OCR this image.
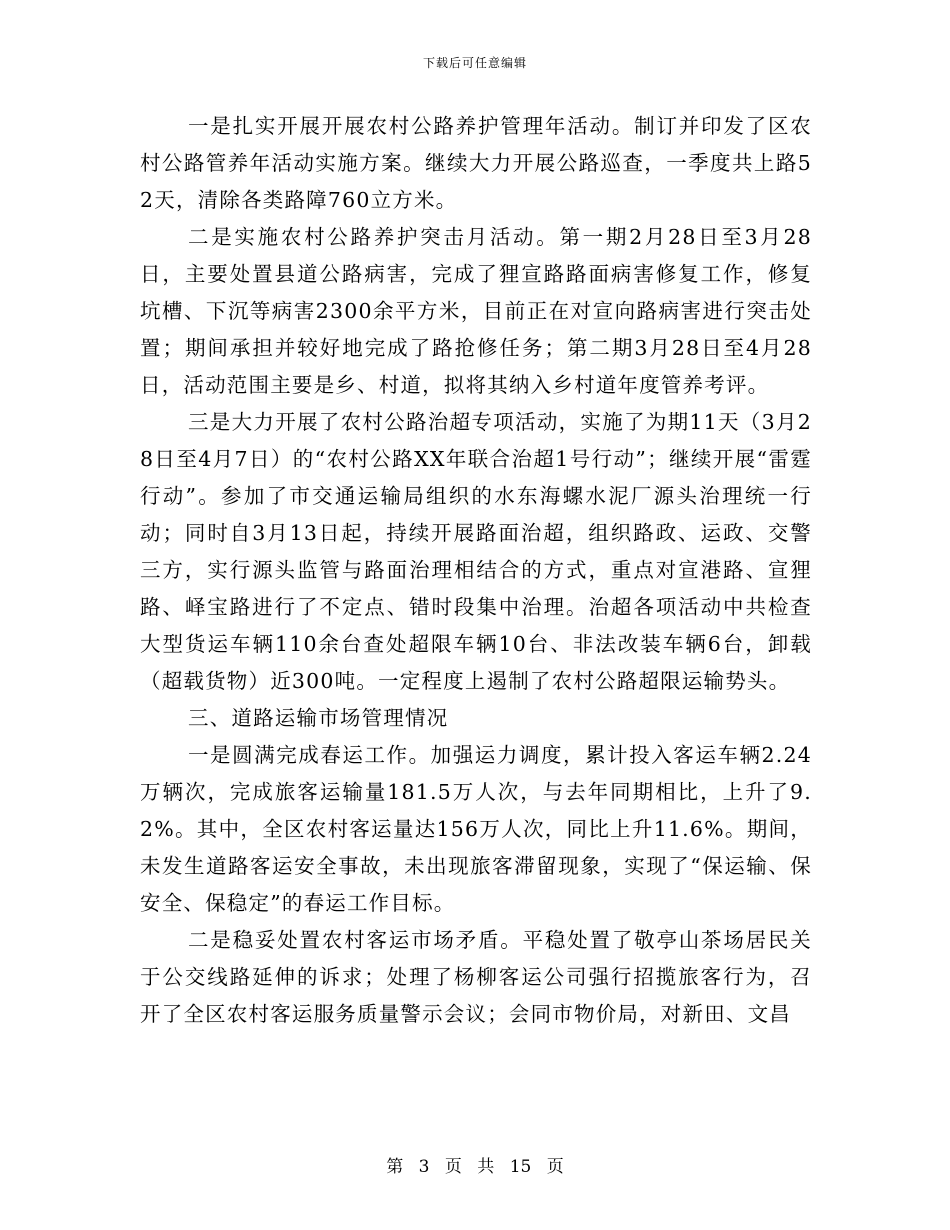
下载后可任意编辑

一是扎实开展开展农村公路养护管理年活动。制订并印发了区农村公路管养年活动实施方案。继续大力开展公路巡查，一季度共上路52天，清除各类路障760立方米。

二是实施农村公路养护突击月活动。第一期2月28日至3月28日，主要处置县道公路病害，完成了狸宣路路面病害修复工作，修复坑槽、下沉等病害2300余平方米，目前正在对宣向路病害进行突击处置；期间承担并较好地完成了路抢修任务；第二期3月28日至4月28日，活动范围主要是乡、村道，拟将其纳入乡村道年度管养考评。

三是大力开展了农村公路治超专项活动，实施了为期11天（3月28日至4月7日）的“农村公路XX年联合治超1号行动”；继续开展“雷霆行动”。参加了市交通运输局组织的水东海螺水泥厂源头治理统一行动；同时自3月13日起，持续开展路面治超，组织路政、运政、交警三方，实行源头监管与路面治理相结合的方式，重点对宣港路、宣狸路、峄宝路进行了不定点、错时段集中治理。治超各项活动中共检查大型货运车辆110余台查处超限车辆10台、非法改装车辆6台，卸载（超载货物）近300吨。一定程度上遏制了农村公路超限运输势头。

三、道路运输市场管理情况

一是圆满完成春运工作。加强运力调度，累计投入客运车辆2.24万辆次，完成旅客运输量181.5万人次，与去年同期相比，上升了9.2%。其中，全区农村客运量达156万人次，同比上升11.6%。期间，未发生道路客运安全事故，未出现旅客滞留现象，实现了“保运输、保安全、保稳定”的春运工作目标。

二是稳妥处置农村客运市场矛盾。平稳处置了敬亭山茶场居民关于公交线路延伸的诉求；处理了杨柳客运公司强行招揽旅客行为，召开了全区农村客运服务质量警示会议；会同市物价局，对新田、文昌

第 3 页 共 15 页
